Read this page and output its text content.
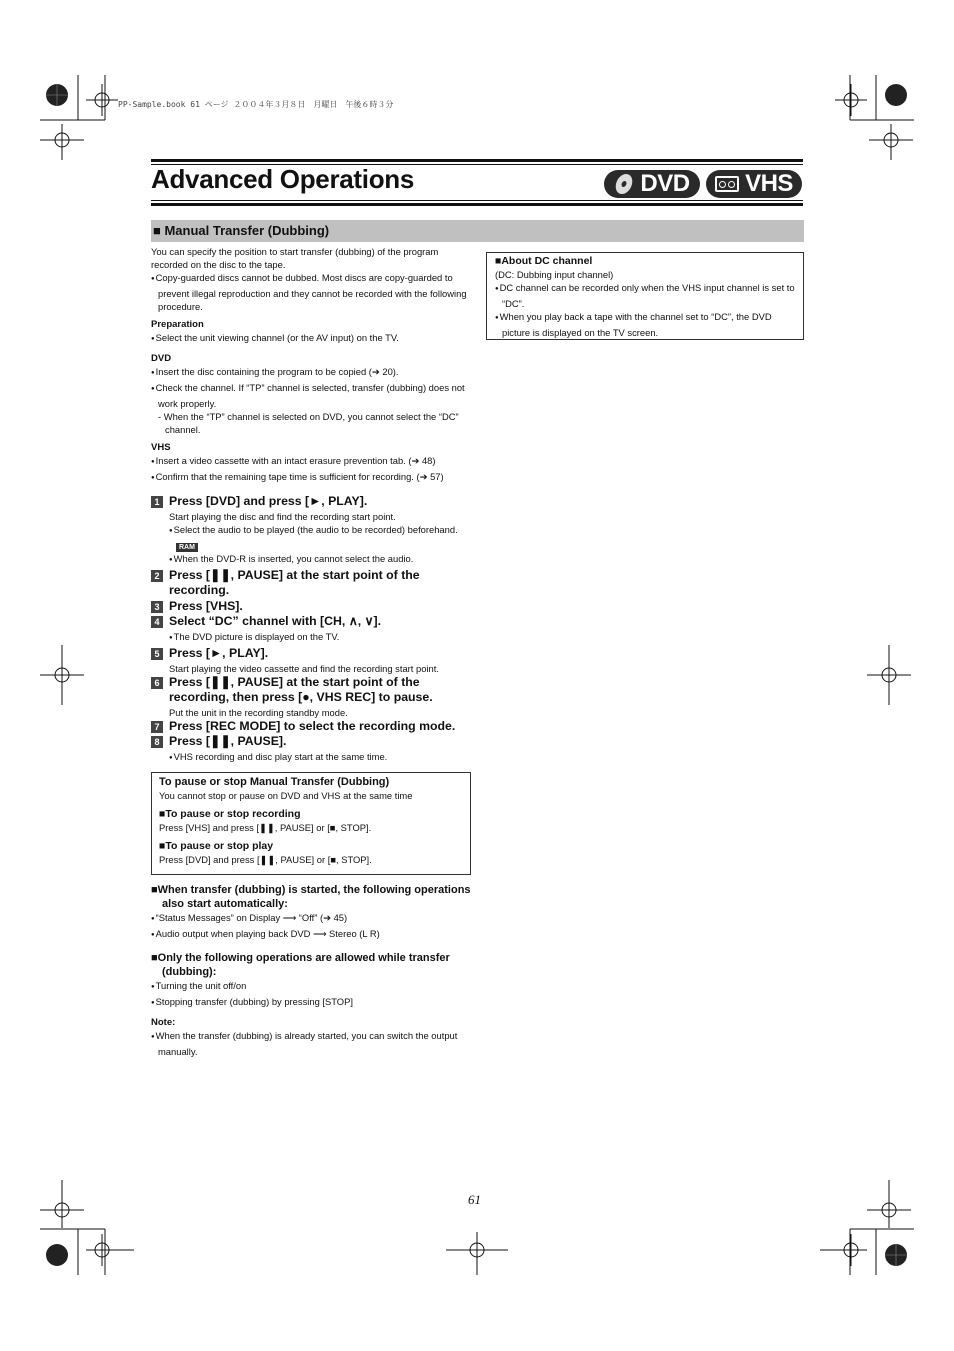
PP-Sample.book 61 ページ ２００４年３月８日　月曜日　午後６時３分
Advanced Operations	DVD VHS
■ Manual Transfer (Dubbing)

You can specify the position to start transfer (dubbing) of the program recorded on the disc to the tape.

● Copy-guarded discs cannot be dubbed. Most discs are copy-guarded to prevent illegal reproduction and they cannot be recorded with the following procedure.

Preparation

● Select the unit viewing channel (or the AV input) on the TV.

DVD

● Insert the disc containing the program to be copied (➔ 20).

● Check the channel. If “TP” channel is selected, transfer (dubbing) does not work properly.

- When the “TP” channel is selected on DVD, you cannot select the “DC” channel.

VHS

● Insert a video cassette with an intact erasure prevention tab. (➔ 48)

● Confirm that the remaining tape time is sufficient for recording. (➔ 57)

1 Press [DVD] and press [►, PLAY].

Start playing the disc and find the recording start point.

● Select the audio to be played (the audio to be recorded) beforehand. RAM

● When the DVD-R is inserted, you cannot select the audio.

2 Press [❚❚, PAUSE] at the start point of the recording.

3 Press [VHS].

4 Select “DC” channel with [CH, ∧, ∨].

● The DVD picture is displayed on the TV.

5 Press [►, PLAY].

Start playing the video cassette and find the recording start point.

6 Press [❚❚, PAUSE] at the start point of the recording, then press [●, VHS REC] to pause.

Put the unit in the recording standby mode.

7 Press [REC MODE] to select the recording mode.

8 Press [❚❚, PAUSE].

● VHS recording and disc play start at the same time.

To pause or stop Manual Transfer (Dubbing)

You cannot stop or pause on DVD and VHS at the same time

■To pause or stop recording

Press [VHS] and press [❚❚, PAUSE] or [■, STOP].

■To pause or stop play

Press [DVD] and press [❚❚, PAUSE] or [■, STOP].

■When transfer (dubbing) is started, the following operations also start automatically:

● “Status Messages” on Display ⟶ “Off” (➔ 45)

● Audio output when playing back DVD ⟶ Stereo (L R)

■Only the following operations are allowed while transfer (dubbing):

● Turning the unit off/on

● Stopping transfer (dubbing) by pressing [STOP]

Note:

● When the transfer (dubbing) is already started, you can switch the output manually.

■About DC channel

(DC: Dubbing input channel)

● DC channel can be recorded only when the VHS input channel is set to “DC”.

● When you play back a tape with the channel set to “DC”, the DVD picture is displayed on the TV screen.

61
